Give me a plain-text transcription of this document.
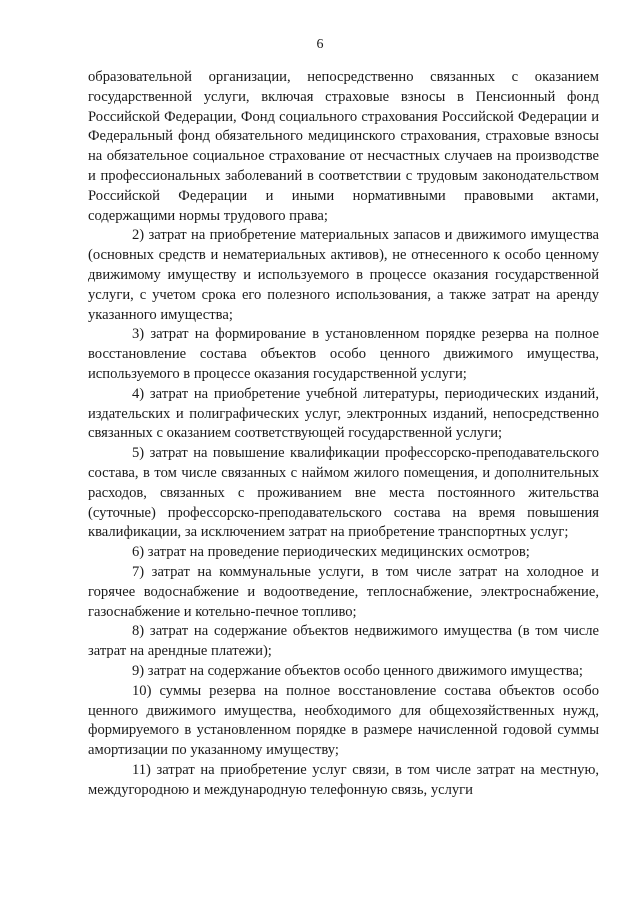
6

образовательной организации, непосредственно связанных с оказанием государственной услуги, включая страховые взносы в Пенсионный фонд Российской Федерации, Фонд социального страхования Российской Федерации и Федеральный фонд обязательного медицинского страхования, страховые взносы на обязательное социальное страхование от несчастных случаев на производстве и профессиональных заболеваний в соответствии с трудовым законодательством Российской Федерации и иными нормативными правовыми актами, содержащими нормы трудового права;

2) затрат на приобретение материальных запасов и движимого имущества (основных средств и нематериальных активов), не отнесенного к особо ценному движимому имуществу и используемого в процессе оказания государственной услуги, с учетом срока его полезного использования, а также затрат на аренду указанного имущества;

3) затрат на формирование в установленном порядке резерва на полное восстановление состава объектов особо ценного движимого имущества, используемого в процессе оказания государственной услуги;

4) затрат на приобретение учебной литературы, периодических изданий, издательских и полиграфических услуг, электронных изданий, непосредственно связанных с оказанием соответствующей государственной услуги;

5) затрат на повышение квалификации профессорско-преподавательского состава, в том числе связанных с наймом жилого помещения, и дополнительных расходов, связанных с проживанием вне места постоянного жительства (суточные) профессорско-преподавательского состава на время повышения квалификации, за исключением затрат на приобретение транспортных услуг;

6) затрат на проведение периодических медицинских осмотров;

7) затрат на коммунальные услуги, в том числе затрат на холодное и горячее водоснабжение и водоотведение, теплоснабжение, электроснабжение, газоснабжение и котельно-печное топливо;

8) затрат на содержание объектов недвижимого имущества (в том числе затрат на арендные платежи);

9) затрат на содержание объектов особо ценного движимого имущества;

10) суммы резерва на полное восстановление состава объектов особо ценного движимого имущества, необходимого для общехозяйственных нужд, формируемого в установленном порядке в размере начисленной годовой суммы амортизации по указанному имуществу;

11) затрат на приобретение услуг связи, в том числе затрат на местную, междугородною и международную телефонную связь, услуги
